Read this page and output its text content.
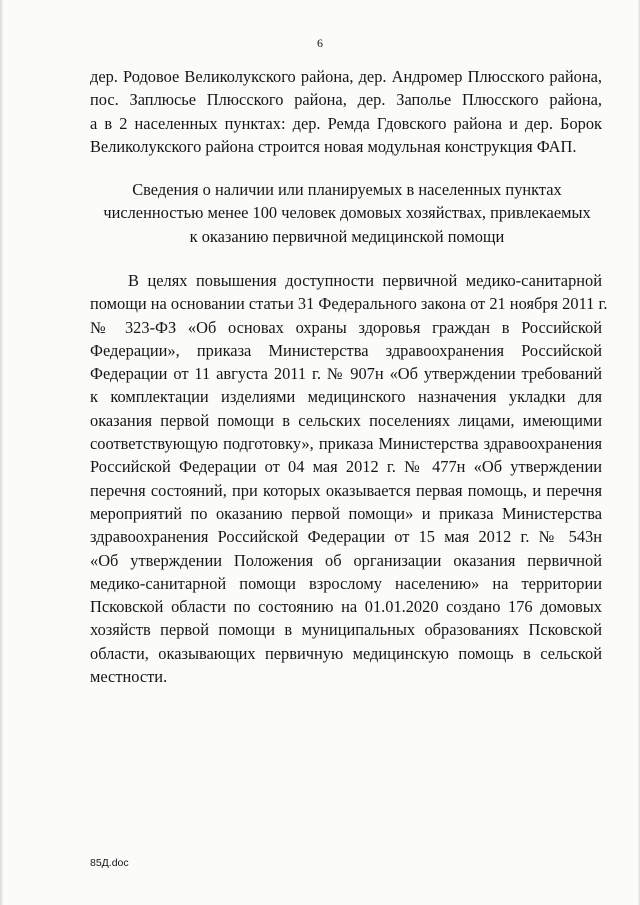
6
дер. Родовое Великолукского района, дер. Андромер Плюсского района,
пос. Заплюсье Плюсского района, дер. Заполье Плюсского района,
а в 2 населенных пунктах: дер. Ремда Гдовского района и дер. Борок
Великолукского района строится новая модульная конструкция ФАП.
Сведения о наличии или планируемых в населенных пунктах
численностью менее 100 человек домовых хозяйствах, привлекаемых
к оказанию первичной медицинской помощи
В целях повышения доступности первичной медико-санитарной
помощи на основании статьи 31 Федерального закона от 21 ноября 2011 г.
№ 323-ФЗ «Об основах охраны здоровья граждан в Российской
Федерации», приказа Министерства здравоохранения Российской
Федерации от 11 августа 2011 г. № 907н «Об утверждении требований
к комплектации изделиями медицинского назначения укладки для
оказания первой помощи в сельских поселениях лицами, имеющими
соответствующую подготовку», приказа Министерства здравоохранения
Российской Федерации от 04 мая 2012 г. № 477н «Об утверждении
перечня состояний, при которых оказывается первая помощь, и перечня
мероприятий по оказанию первой помощи» и приказа Министерства
здравоохранения Российской Федерации от 15 мая 2012 г. № 543н
«Об утверждении Положения об организации оказания первичной
медико-санитарной помощи взрослому населению» на территории
Псковской области по состоянию на 01.01.2020 создано 176 домовых
хозяйств первой помощи в муниципальных образованиях Псковской
области, оказывающих первичную медицинскую помощь в сельской
местности.
85Д.doc
